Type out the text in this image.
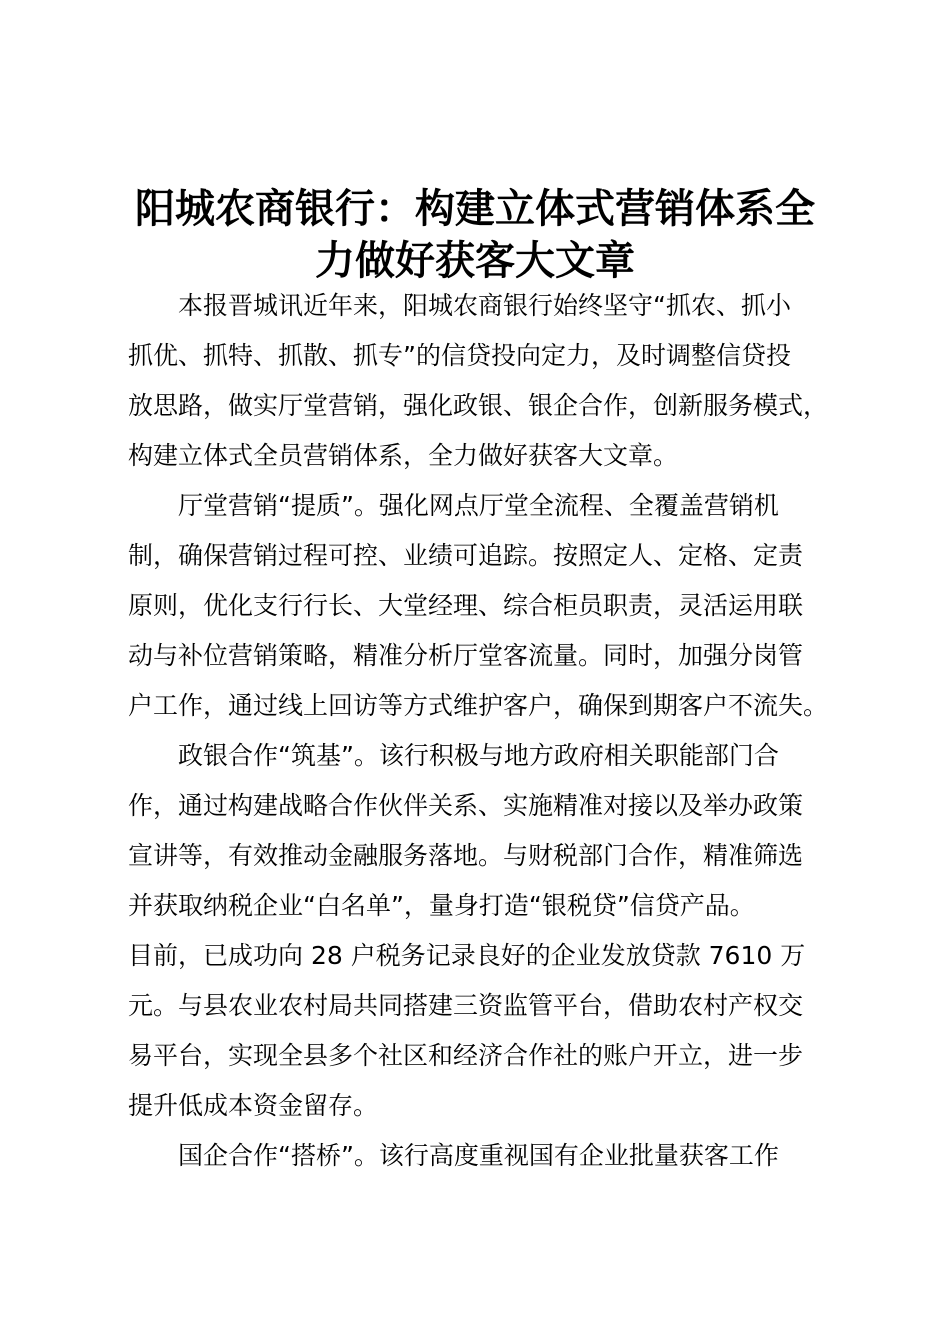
阳城农商银行：构建立体式营销体系全
力做好获客大文章

本报晋城讯近年来，阳城农商银行始终坚守“抓农、抓小
抓优、抓特、抓散、抓专”的信贷投向定力，及时调整信贷投
放思路，做实厅堂营销，强化政银、银企合作，创新服务模式，
构建立体式全员营销体系，全力做好获客大文章。

厅堂营销“提质”。强化网点厅堂全流程、全覆盖营销机
制，确保营销过程可控、业绩可追踪。按照定人、定格、定责
原则，优化支行行长、大堂经理、综合柜员职责，灵活运用联
动与补位营销策略，精准分析厅堂客流量。同时，加强分岗管
户工作，通过线上回访等方式维护客户，确保到期客户不流失。

政银合作“筑基”。该行积极与地方政府相关职能部门合
作，通过构建战略合作伙伴关系、实施精准对接以及举办政策
宣讲等，有效推动金融服务落地。与财税部门合作，精准筛选
并获取纳税企业“白名单”，量身打造“银税贷”信贷产品。
目前，已成功向 28 户税务记录良好的企业发放贷款 7610 万
元。与县农业农村局共同搭建三资监管平台，借助农村产权交
易平台，实现全县多个社区和经济合作社的账户开立，进一步
提升低成本资金留存。

国企合作“搭桥”。该行高度重视国有企业批量获客工作
